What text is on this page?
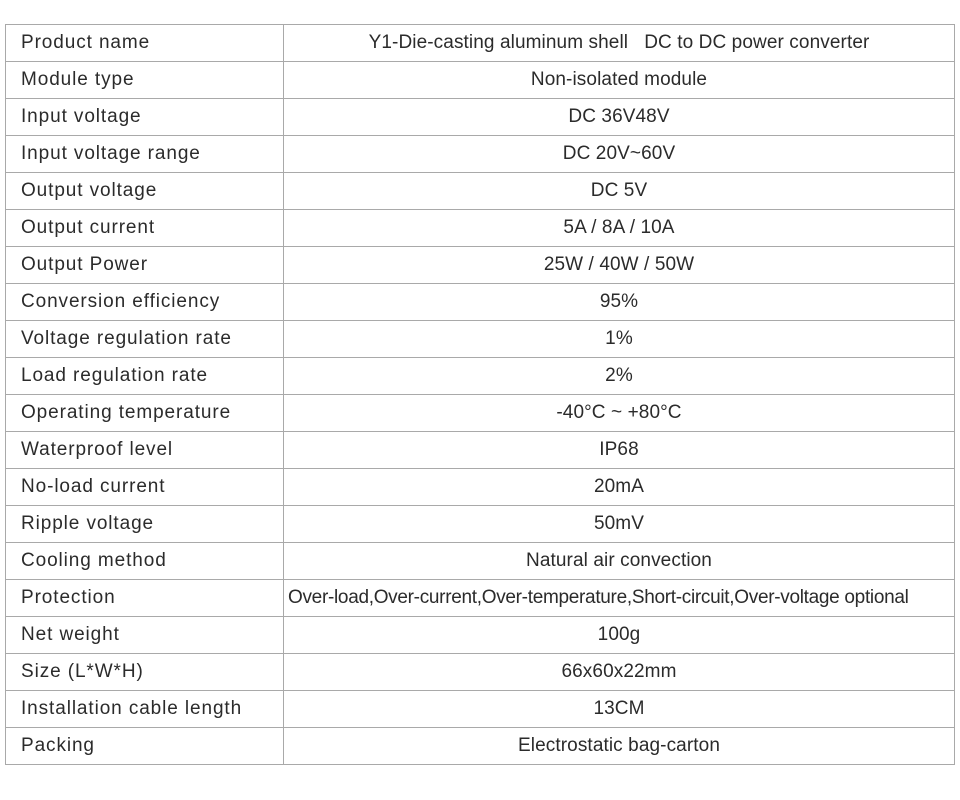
Product name	Y1-Die-casting aluminum shell   DC to DC power converter
Module type	Non-isolated module
Input voltage	DC 36V48V
Input voltage range	DC 20V~60V
Output voltage	DC 5V
Output current	5A / 8A / 10A
Output Power	25W / 40W / 50W
Conversion efficiency	95%
Voltage regulation rate	1%
Load regulation rate	2%
Operating temperature	-40°C ~ +80°C
Waterproof level	IP68
No-load current	20mA
Ripple voltage	50mV
Cooling method	Natural air convection
Protection	Over-load,Over-current,Over-temperature,Short-circuit,Over-voltage optional
Net weight	100g
Size (L*W*H)	66x60x22mm
Installation cable length	13CM
Packing	Electrostatic bag-carton
